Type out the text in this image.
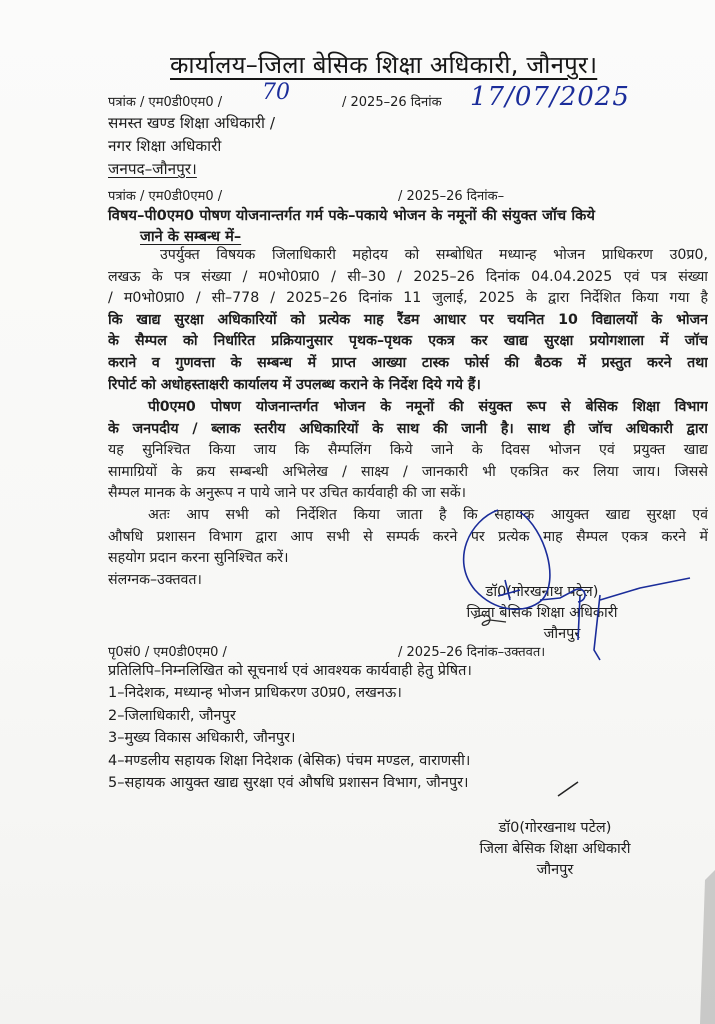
कार्यालय–जिला बेसिक शिक्षा अधिकारी, जौनपुर।
पत्रांक / एम0डी0एम0 / 70	/ 2025–26 दिनांक 17/07/2025
समस्त खण्ड शिक्षा अधिकारी /
नगर शिक्षा अधिकारी
जनपद–जौनपुर।
पत्रांक / एम0डी0एम0 /	/ 2025–26 दिनांक–
विषय–पी0एम0 पोषण योजनान्तर्गत गर्म पके–पकाये भोजन के नमूनों की संयुक्त जॉच किये
जाने के सम्बन्ध में–
उपर्युक्त विषयक जिलाधिकारी महोदय को सम्बोधित मध्यान्ह भोजन प्राधिकरण उ0प्र0,
लखऊ के पत्र संख्या / म0भो0प्रा0 / सी–30 / 2025–26 दिनांक 04.04.2025 एवं पत्र संख्या
/ म0भो0प्रा0 / सी–778 / 2025–26 दिनांक 11 जुलाई, 2025 के द्वारा निर्देशित किया गया है
कि खाद्य सुरक्षा अधिकारियों को प्रत्येक माह रैंडम आधार पर चयनित 10 विद्यालयों के भोजन
के सैम्पल को निर्धारित प्रक्रियानुसार पृथक–पृथक एकत्र कर खाद्य सुरक्षा प्रयोगशाला में जॉच
कराने व गुणवत्ता के सम्बन्ध में प्राप्त आख्या टास्क फोर्स की बैठक में प्रस्तुत करने तथा
रिपोर्ट को अधोहस्ताक्षरी कार्यालय में उपलब्ध कराने के निर्देश दिये गये हैं।
पी0एम0 पोषण योजनान्तर्गत भोजन के नमूनों की संयुक्त रूप से बेसिक शिक्षा विभाग
के जनपदीय / ब्लाक स्तरीय अधिकारियों के साथ की जानी है। साथ ही जॉच अधिकारी द्वारा
यह सुनिश्चित किया जाय कि सैम्पलिंग किये जाने के दिवस भोजन एवं प्रयुक्त खाद्य
सामाग्रियों के क्रय सम्बन्धी अभिलेख / साक्ष्य / जानकारी भी एकत्रित कर लिया जाय। जिससे
सैम्पल मानक के अनुरूप न पाये जाने पर उचित कार्यवाही की जा सकें।
अतः आप सभी को निर्देशित किया जाता है कि सहायक आयुक्त खाद्य सुरक्षा एवं
औषधि प्रशासन विभाग द्वारा आप सभी से सम्पर्क करने पर प्रत्येक माह सैम्पल एकत्र करने में
सहयोग प्रदान करना सुनिश्चित करें।
संलग्नक–उक्तवत।
डॉ0(गोरखनाथ पटेल)
जिला बेसिक शिक्षा अधिकारी
जौनपुर
पृ0सं0 / एम0डी0एम0 /	/ 2025–26 दिनांक–उक्तवत।
प्रतिलिपि–निम्नलिखित को सूचनार्थ एवं आवश्यक कार्यवाही हेतु प्रेषित।
1–निदेशक, मध्यान्ह भोजन प्राधिकरण उ0प्र0, लखनऊ।
2–जिलाधिकारी, जौनपुर
3–मुख्य विकास अधिकारी, जौनपुर।
4–मण्डलीय सहायक शिक्षा निदेशक (बेसिक) पंचम मण्डल, वाराणसी।
5–सहायक आयुक्त खाद्य सुरक्षा एवं औषधि प्रशासन विभाग, जौनपुर।
डॉ0(गोरखनाथ पटेल)
जिला बेसिक शिक्षा अधिकारी
जौनपुर
